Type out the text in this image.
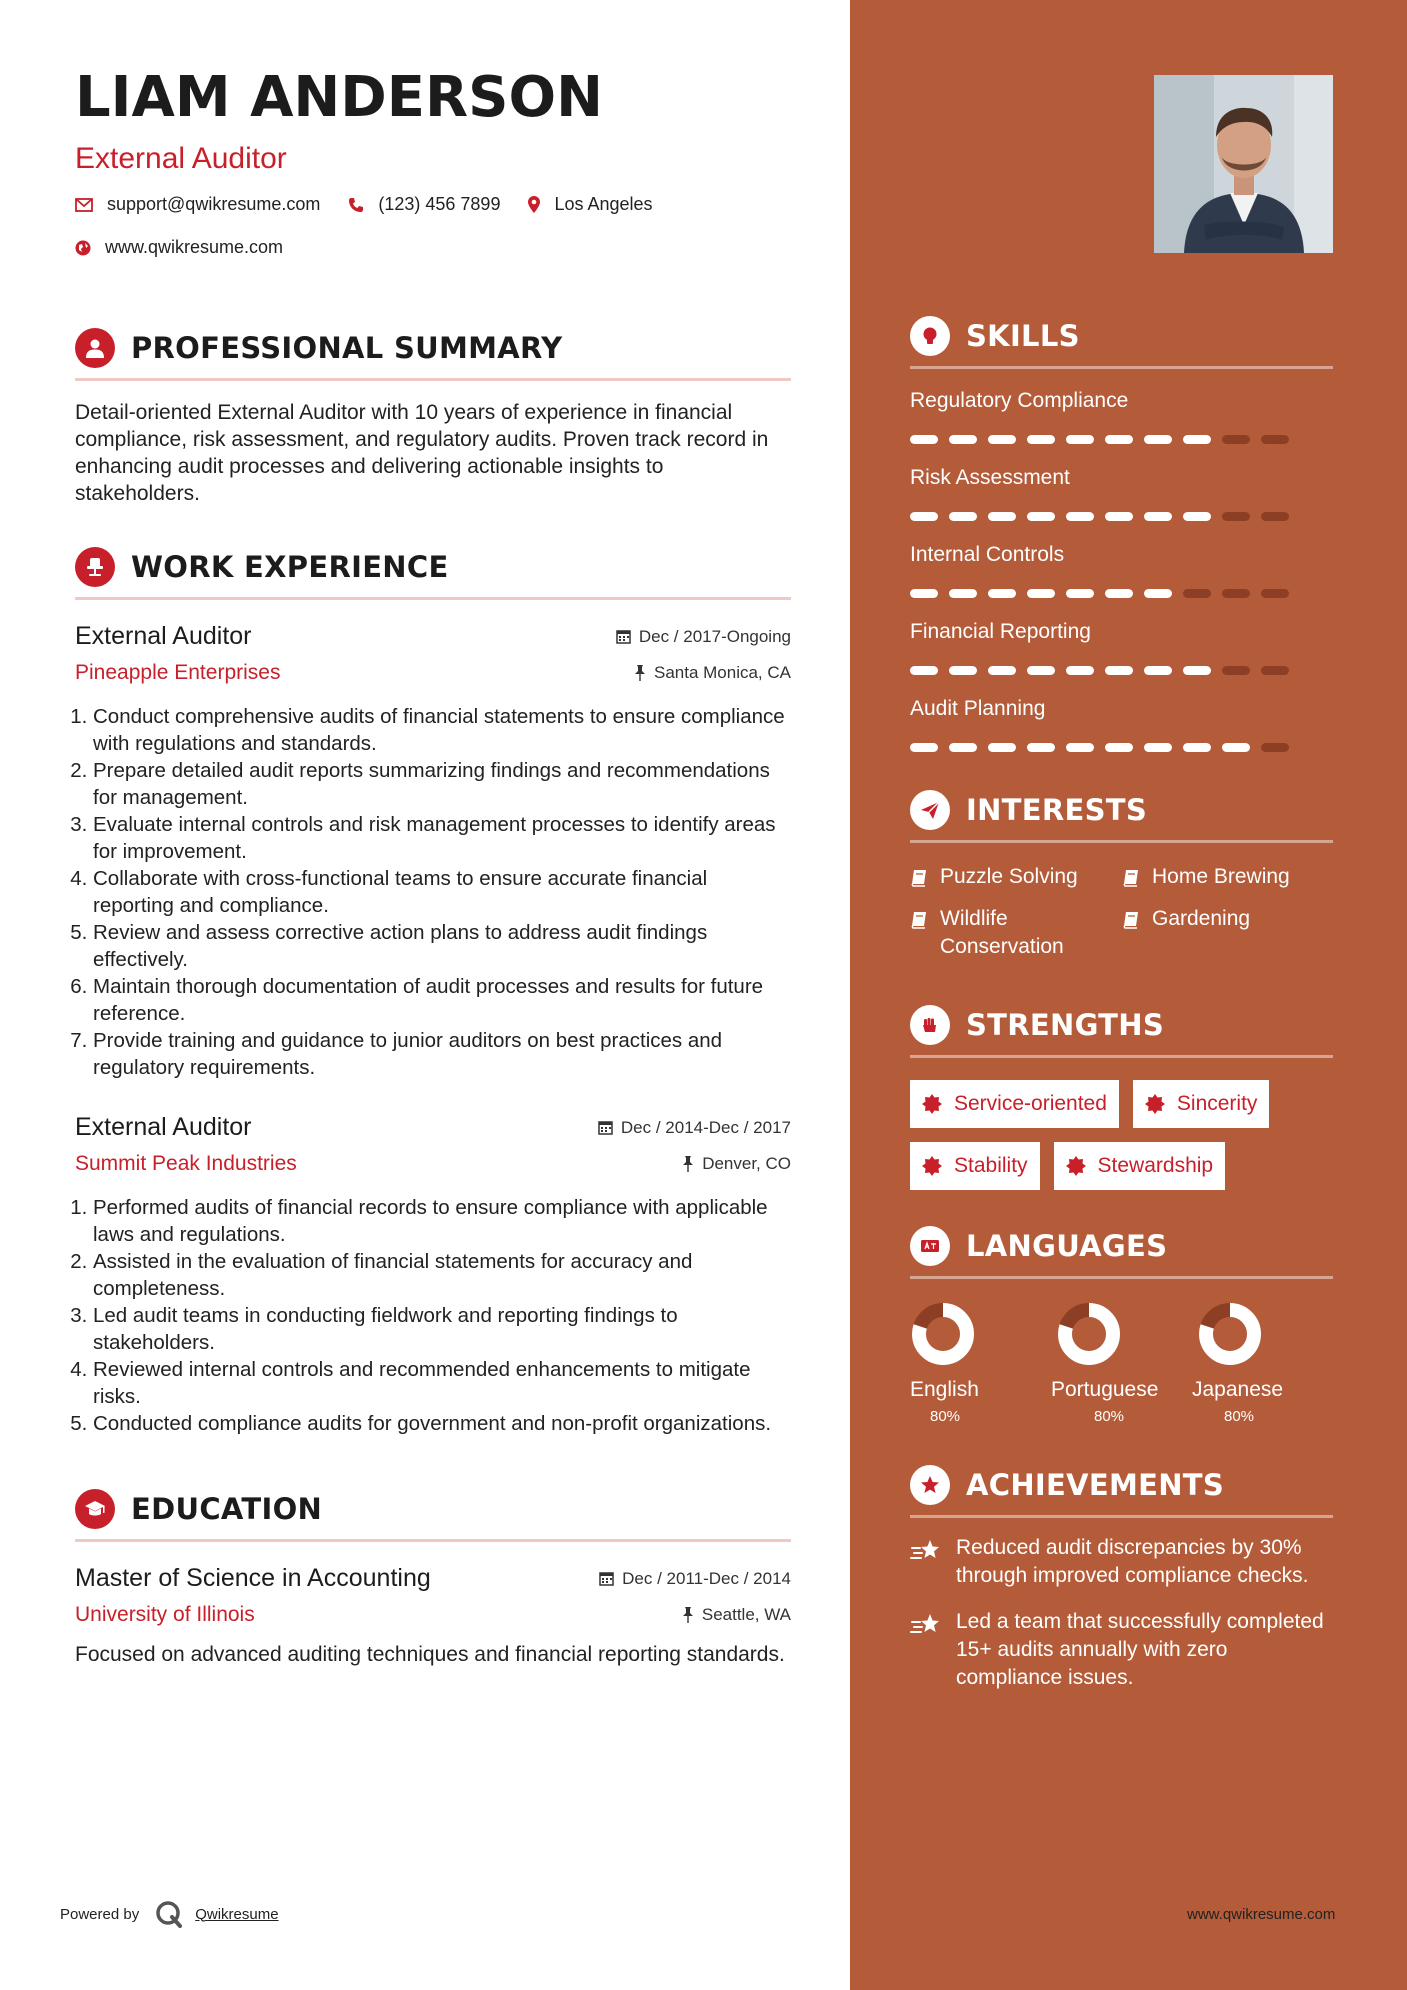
LIAM ANDERSON
External Auditor
support@qwikresume.com	(123) 456 7899	Los Angeles
www.qwikresume.com
PROFESSIONAL SUMMARY
Detail-oriented External Auditor with 10 years of experience in financial compliance, risk assessment, and regulatory audits. Proven track record in enhancing audit processes and delivering actionable insights to stakeholders.
WORK EXPERIENCE
External Auditor	Dec / 2017-Ongoing
Pineapple Enterprises	Santa Monica, CA
1. Conduct comprehensive audits of financial statements to ensure compliance with regulations and standards.
2. Prepare detailed audit reports summarizing findings and recommendations for management.
3. Evaluate internal controls and risk management processes to identify areas for improvement.
4. Collaborate with cross-functional teams to ensure accurate financial reporting and compliance.
5. Review and assess corrective action plans to address audit findings effectively.
6. Maintain thorough documentation of audit processes and results for future reference.
7. Provide training and guidance to junior auditors on best practices and regulatory requirements.
External Auditor	Dec / 2014-Dec / 2017
Summit Peak Industries	Denver, CO
1. Performed audits of financial records to ensure compliance with applicable laws and regulations.
2. Assisted in the evaluation of financial statements for accuracy and completeness.
3. Led audit teams in conducting fieldwork and reporting findings to stakeholders.
4. Reviewed internal controls and recommended enhancements to mitigate risks.
5. Conducted compliance audits for government and non-profit organizations.
EDUCATION
Master of Science in Accounting	Dec / 2011-Dec / 2014
University of Illinois	Seattle, WA
Focused on advanced auditing techniques and financial reporting standards.
Powered by	Qwikresume	www.qwikresume.com
SKILLS
Regulatory Compliance
Risk Assessment
Internal Controls
Financial Reporting
Audit Planning
INTERESTS
Puzzle Solving	Home Brewing
Wildlife Conservation
Gardening
STRENGTHS
Service-oriented	Sincerity
Stability	Stewardship
LANGUAGES
English
80%
Portuguese
80%
Japanese
80%
ACHIEVEMENTS
Reduced audit discrepancies by 30% through improved compliance checks.
Led a team that successfully completed 15+ audits annually with zero compliance issues.
